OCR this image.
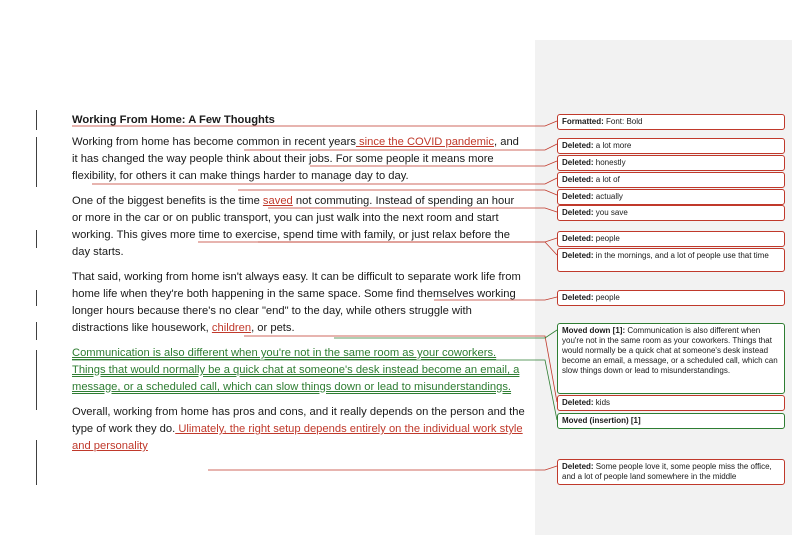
Working From Home: A Few Thoughts

Working from home has become common in recent years since the COVID pandemic, and it has changed the way people think about their jobs. For some people it means more flexibility, for others it can make things harder to manage day to day.

One of the biggest benefits is the time saved not commuting. Instead of spending an hour or more in the car or on public transport, you can just walk into the next room and start working. This gives more time to exercise, spend time with family, or just relax before the day starts.

That said, working from home isn't always easy. It can be difficult to separate work life from home life when they're both happening in the same space. Some find themselves working longer hours because there's no clear "end" to the day, while others struggle with distractions like housework, children, or pets.

Communication is also different when you're not in the same room as your coworkers. Things that would normally be a quick chat at someone's desk instead become an email, a message, or a scheduled call, which can slow things down or lead to misunderstandings.

Overall, working from home has pros and cons, and it really depends on the person and the type of work they do. Ulimately, the right setup depends entirely on the individual work style and personality

Formatted: Font: Bold
Deleted: a lot more
Deleted: honestly
Deleted: a lot of
Deleted: actually
Deleted: you save
Deleted: people
Deleted: in the mornings, and a lot of people use that time
Deleted: people
Moved down [1]: Communication is also different when you're not in the same room as your coworkers. Things that would normally be a quick chat at someone's desk instead become an email, a message, or a scheduled call, which can slow things down or lead to misunderstandings.
Deleted: kids
Moved (insertion) [1]
Deleted: Some people love it, some people miss the office, and a lot of people land somewhere in the middle
